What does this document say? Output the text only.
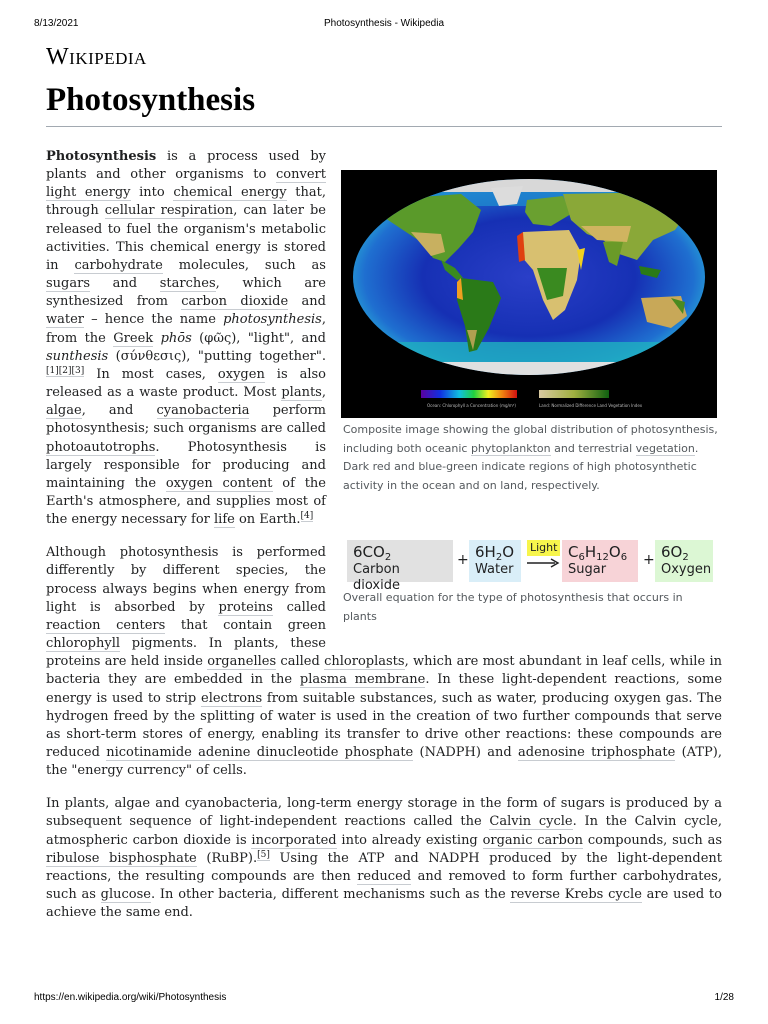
8/13/2021	Photosynthesis - Wikipedia
Wikipedia
Photosynthesis
Ocean: Chlorophyll a Concentration (mg/m³)	Land: Normalized Difference Land Vegetation Index
Composite image showing the global distribution of photosynthesis, including both oceanic phytoplankton and terrestrial vegetation. Dark red and blue-green indicate regions of high photosynthetic activity in the ocean and on land, respectively.
$6CO_2$
Carbon dioxide
+ $6H_2O$
Water
Light $C_6H_{12}O_6$
Sugar
+ $6O_2$
Oxygen
Overall equation for the type of photosynthesis that occurs in plants

Photosynthesis is a process used by plants and other organisms to convert light energy into chemical energy that, through cellular respiration, can later be released to fuel the organism's metabolic activities. This chemical energy is stored in carbohydrate molecules, such as sugars and starches, which are synthesized from carbon dioxide and water – hence the name photosynthesis, from the Greek phōs (φῶς), "light", and sunthesis (σύνθεσις), "putting together".[1][2][3] In most cases, oxygen is also released as a waste product. Most plants, algae, and cyanobacteria perform photosynthesis; such organisms are called photoautotrophs. Photosynthesis is largely responsible for producing and maintaining the oxygen content of the Earth's atmosphere, and supplies most of the energy necessary for life on Earth.[4]

Although photosynthesis is performed differently by different species, the process always begins when energy from light is absorbed by proteins called reaction centers that contain green chlorophyll pigments. In plants, these proteins are held inside organelles called chloroplasts, which are most abundant in leaf cells, while in bacteria they are embedded in the plasma membrane. In these light-dependent reactions, some energy is used to strip electrons from suitable substances, such as water, producing oxygen gas. The hydrogen freed by the splitting of water is used in the creation of two further compounds that serve as short-term stores of energy, enabling its transfer to drive other reactions: these compounds are reduced nicotinamide adenine dinucleotide phosphate (NADPH) and adenosine triphosphate (ATP), the "energy currency" of cells.

In plants, algae and cyanobacteria, long-term energy storage in the form of sugars is produced by a subsequent sequence of light-independent reactions called the Calvin cycle. In the Calvin cycle, atmospheric carbon dioxide is incorporated into already existing organic carbon compounds, such as ribulose bisphosphate (RuBP).[5] Using the ATP and NADPH produced by the light-dependent reactions, the resulting compounds are then reduced and removed to form further carbohydrates, such as glucose. In other bacteria, different mechanisms such as the reverse Krebs cycle are used to achieve the same end.

https://en.wikipedia.org/wiki/Photosynthesis	1/28
